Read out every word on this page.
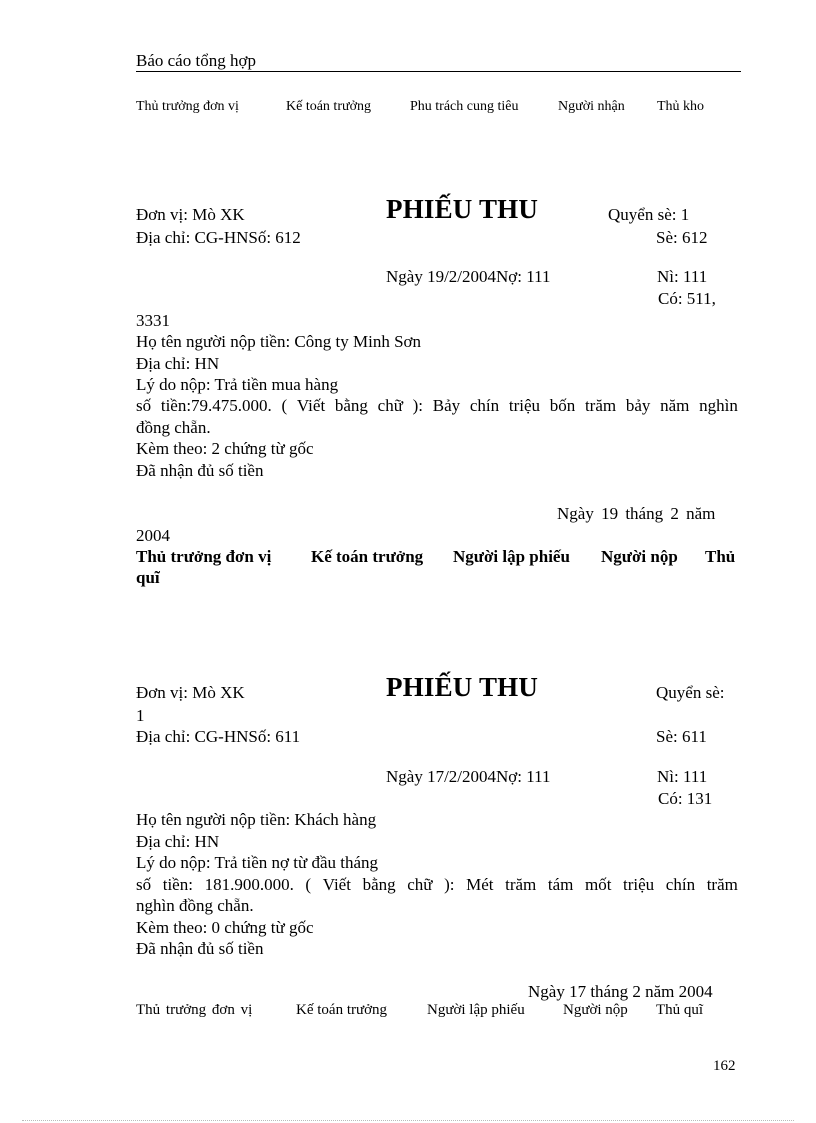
Báo cáo tổng hợp
Thủ trưởng đơn vị	Kế toán trưởng	Phu trách cung tiêu	Người nhận Thủ kho
Đơn vị: Mò XK	PHIẾU THU	Quyển sè: 1
Địa chỉ: CG-HNSố: 612	Sè: 612
Ngày 19/2/2004Nợ: 111	Nì: 111
Có: 511,
3331
Họ tên người nộp tiền: Công ty Minh Sơn
Địa chỉ: HN
Lý do nộp: Trả tiền mua hàng
số tiền:79.475.000. ( Viết bằng chữ ): Bảy chín triệu bốn trăm bảy năm nghìn
đồng chẵn.
Kèm theo: 2 chứng từ gốc
Đã nhận đủ số tiền
Ngày 19 tháng 2 năm
2004
Thủ trưởng đơn vị Kế toán trưởng Người lập phiếu Người nộp Thủ
quĩ
Đơn vị: Mò XK	PHIẾU THU	Quyển sè:
1
Địa chỉ: CG-HNSố: 611	Sè: 611
Ngày 17/2/2004Nợ: 111	Nì: 111
Có: 131
Họ tên người nộp tiền: Khách hàng
Địa chỉ: HN
Lý do nộp: Trả tiền nợ từ đầu tháng
số tiền: 181.900.000. ( Viết bằng chữ ): Mét trăm tám mốt triệu chín trăm
nghìn đồng chẵn.
Kèm theo: 0 chứng từ gốc
Đã nhận đủ số tiền
Ngày 17 tháng 2 năm 2004
Thủ trưởng đơn vị	Kế toán trưởng	Người lập phiếu	Người nộp Thủ quĩ
162
